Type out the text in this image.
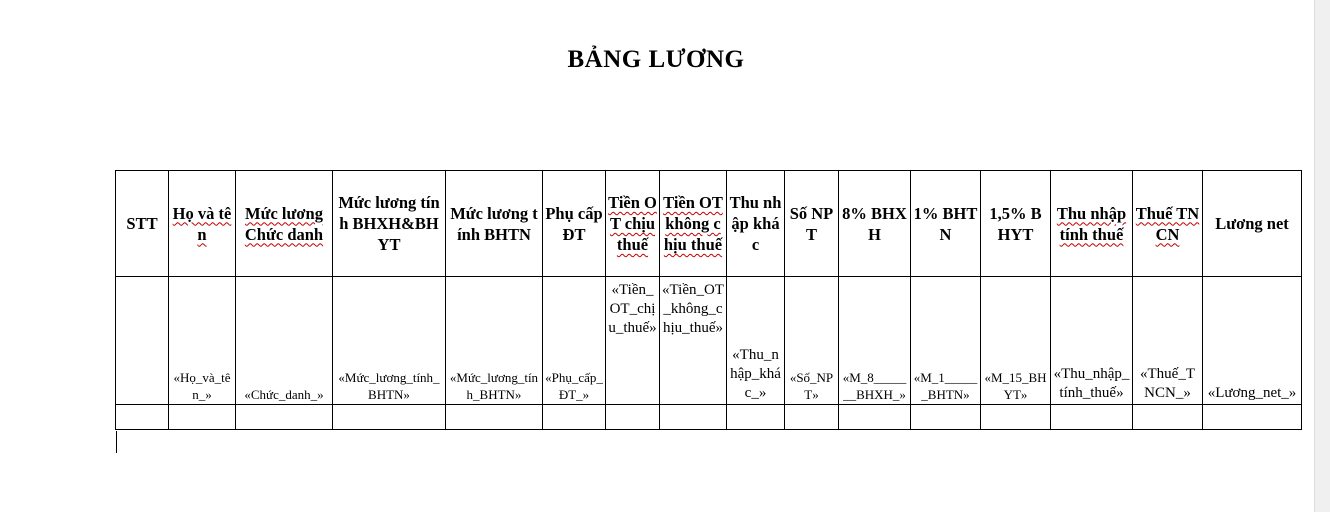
BẢNG LƯƠNG
STT	Họ và tên	Mức lương Chức danh	Mức lương tính BHXH&BHYT	Mức lương tính BHTN	Phụ cấp ĐT	Tiền OT chịu thuế	Tiền OT không chịu thuế	Thu nhập khác	Số NPT	8% BHXH	1% BHTN	1,5% BHYT	Thu nhập tính thuế	Thuế TNCN	Lương net
	«Họ_và_tên_»	«Chức_danh_»	«Mức_lương_tính_BHTN»	«Mức_lương_tính_BHTN»	«Phụ_cấp_ĐT_»	«Tiền_OT_chịu_thuế»	«Tiền_OT_không_chịu_thuế»	«Thu_nhập_khác_»	«Số_NPT»	«M_8_______BHXH_»	«M_1______BHTN»	«M_15_BHYT»	«Thu_nhập_tính_thuế»	«Thuế_TNCN_»	«Lương_net_»
